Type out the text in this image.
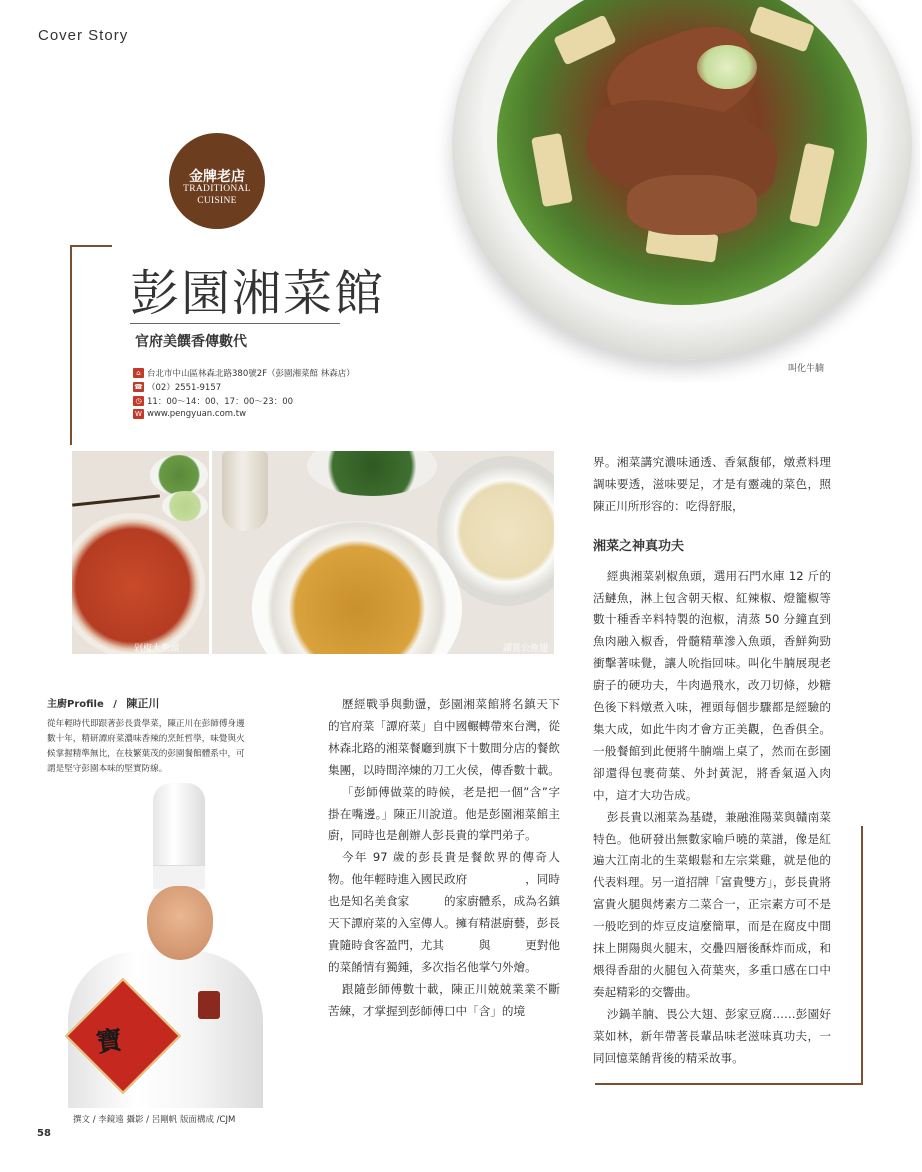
Cover Story
叫化牛腩
金牌老店
TRADITIONAL
CUISINE
彭園湘菜館
官府美饌香傳數代
⌂ 台北市中山區林森北路380號2F（彭園湘菜館 林森店）
☎ （02）2551-9157
◷ 11：00～14：00、17：00～23：00
W www.pengyuan.com.tw
剁椒大魚頭	譚質公魚翅
主廚Profile / 陳正川
從年輕時代即跟著彭長貴學菜，陳正川在彭師傅身邊數十年，精研譚府菜濃味香辣的烹飪哲學，味覺與火候掌握精準無比，在枝繁葉茂的彭園餐館體系中，可謂是堅守彭園本味的堅實防線。
寶
撰文 / 李鏡遠 攝影 / 呂剛帆 版面構成 /CJM
58

歷經戰爭與動盪，彭園湘菜館將名鎮天下的官府菜「譚府菜」自中國輾轉帶來台灣，從林森北路的湘菜餐廳到旗下十數間分店的餐飲集團，以時間淬煉的刀工火侯，傳香數十載。

「彭師傅做菜的時候，老是把一個”含”字掛在嘴邊。」陳正川說道。他是彭園湘菜館主廚，同時也是創辦人彭長貴的掌門弟子。

今年 97 歲的彭長貴是餐飲界的傳奇人物。他年輕時進入國民政府　　　　　，同時也是知名美食家　　　的家廚體系，成為名鎮天下譚府菜的入室傳人。擁有精湛廚藝，彭長貴隨時食客盈門，尤其　　　與　　　更對他的菜餚情有獨鍾，多次指名他掌勺外燴。

跟隨彭師傅數十載，陳正川兢兢業業不斷苦練，才掌握到彭師傅口中「含」的境

界。湘菜講究濃味通透、香氣馥郁，燉煮料理調味要透，滋味要足，才是有靈魂的菜色，照陳正川所形容的：吃得舒服，

湘菜之神真功夫

經典湘菜剁椒魚頭，選用石門水庫 12 斤的活鰱魚，淋上包含朝天椒、紅辣椒、燈籠椒等數十種香辛料特製的泡椒，清蒸 50 分鐘直到魚肉融入椒香，骨髓精華滲入魚頭，香鮮夠勁衝擊著味覺，讓人吮指回味。叫化牛腩展現老廚子的硬功夫，牛肉過飛水，改刀切條，炒糖色後下料燉煮入味，裡頭每個步驟都是經驗的集大成，如此牛肉才會方正美觀，色香俱全。一般餐館到此便將牛腩端上桌了，然而在彭園卻還得包裹荷葉、外封黃泥，將香氣逼入肉中，這才大功告成。

彭長貴以湘菜為基礎，兼融淮陽菜與贛南菜特色。他研發出無數家喻戶曉的菜譜，像是紅遍大江南北的生菜蝦鬆和左宗棠雞，就是他的代表料理。另一道招牌「富貴雙方」，彭長貴將富貴火腿與烤素方二菜合一，正宗素方可不是一般吃到的炸豆皮這麼簡單，而是在腐皮中間抹上開陽與火腿末，交疊四層後酥炸而成，和煨得香甜的火腿包入荷葉夾，多重口感在口中奏起精彩的交響曲。

沙鍋羊腩、畏公大翅、彭家豆腐……彭園好菜如林，新年帶著長輩品味老滋味真功夫，一同回憶菜餚背後的精采故事。
